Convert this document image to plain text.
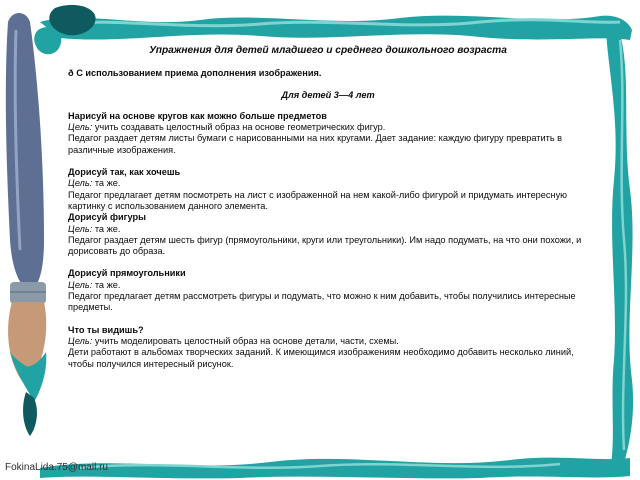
Упражнения для детей младшего и среднего дошкольного возраста

ð С использованием приема дополнения изображения.

Для детей 3—4 лет

Нарисуй на основе кругов как можно больше предметов

Цель: учить создавать целостный образ на основе геометрических фигур.

Педагог раздает детям листы бумаги с нарисованными на них кругами. Дает задание: каждую фигуру превратить в различные изображения.

Дорисуй так, как хочешь

Цель: та же.

Педагог предлагает детям посмотреть на лист с изображенной на нем какой-либо фигурой и придумать интересную картинку с использованием данного элемента.

Дорисуй фигуры

Цель: та же.

Педагог раздает детям шесть фигур (прямоугольники, круги или треугольники). Им надо подумать, на что они похожи, и дорисовать до образа.

Дорисуй прямоугольники

Цель: та же.

Педагог предлагает детям рассмотреть фигуры и подумать, что можно к ним добавить, чтобы получились интересные предметы.

Что ты видишь?

Цель: учить моделировать целостный образ на основе детали, части, схемы.

Дети работают в альбомах творческих заданий. К имеющимся изображениям необходимо добавить несколько линий, чтобы получился интересный рисунок.

FokinaLida.75@mail.ru
